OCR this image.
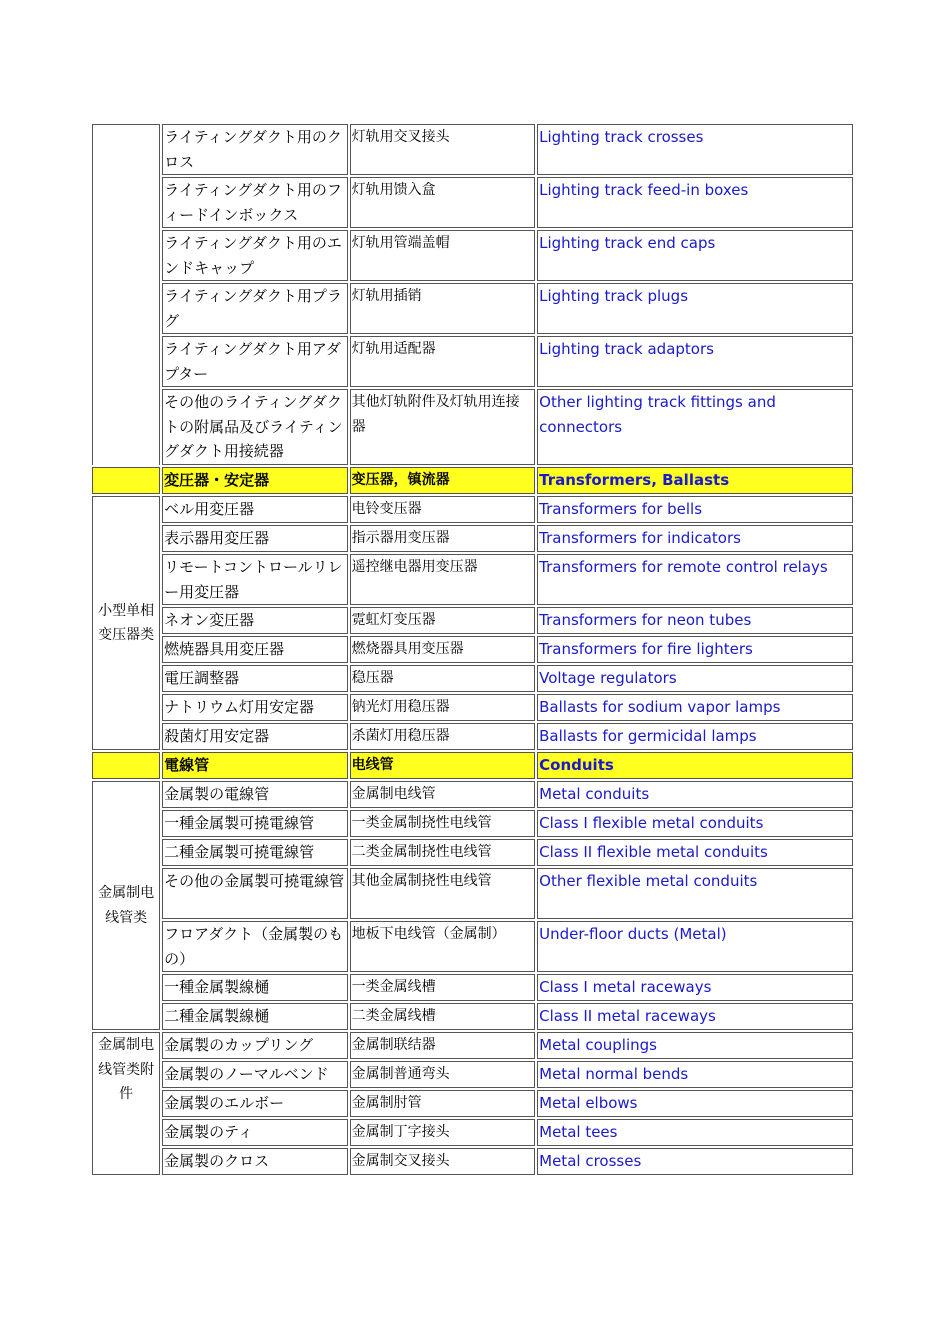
	ライティングダクト用のクロス	灯轨用交叉接头	Lighting track crosses
	ライティングダクト用のフィードインボックス	灯轨用馈入盒	Lighting track feed-in boxes
	ライティングダクト用のエンドキャップ	灯轨用管端盖帽	Lighting track end caps
	ライティングダクト用プラグ	灯轨用插销	Lighting track plugs
	ライティングダクト用アダプター	灯轨用适配器	Lighting track adaptors
	その他のライティングダクトの附属品及びライティングダクト用接続器	其他灯轨附件及灯轨用连接器	Other lighting track fittings and connectors
	変圧器・安定器	变压器，镇流器	Transformers, Ballasts
小型单相变压器类	ベル用変圧器	电铃变压器	Transformers for bells
	表示器用変圧器	指示器用变压器	Transformers for indicators
	リモートコントロールリレー用変圧器	遥控继电器用变压器	Transformers for remote control relays
	ネオン変圧器	霓虹灯变压器	Transformers for neon tubes
	燃焼器具用変圧器	燃烧器具用变压器	Transformers for fire lighters
	電圧調整器	稳压器	Voltage regulators
	ナトリウム灯用安定器	钠光灯用稳压器	Ballasts for sodium vapor lamps
	殺菌灯用安定器	杀菌灯用稳压器	Ballasts for germicidal lamps
	電線管	电线管	Conduits
金属制电线管类	金属製の電線管	金属制电线管	Metal conduits
	一種金属製可撓電線管	一类金属制挠性电线管	Class I flexible metal conduits
	二種金属製可撓電線管	二类金属制挠性电线管	Class II flexible metal conduits
	その他の金属製可撓電線管	其他金属制挠性电线管	Other flexible metal conduits
	フロアダクト（金属製のもの）	地板下电线管（金属制）	Under-floor ducts (Metal)
	一種金属製線樋	一类金属线槽	Class I metal raceways
	二種金属製線樋	二类金属线槽	Class II metal raceways
金属制电线管类附件	金属製のカップリング	金属制联结器	Metal couplings
	金属製のノーマルベンド	金属制普通弯头	Metal normal bends
	金属製のエルボー	金属制肘管	Metal elbows
	金属製のティ	金属制丁字接头	Metal tees
	金属製のクロス	金属制交叉接头	Metal crosses
